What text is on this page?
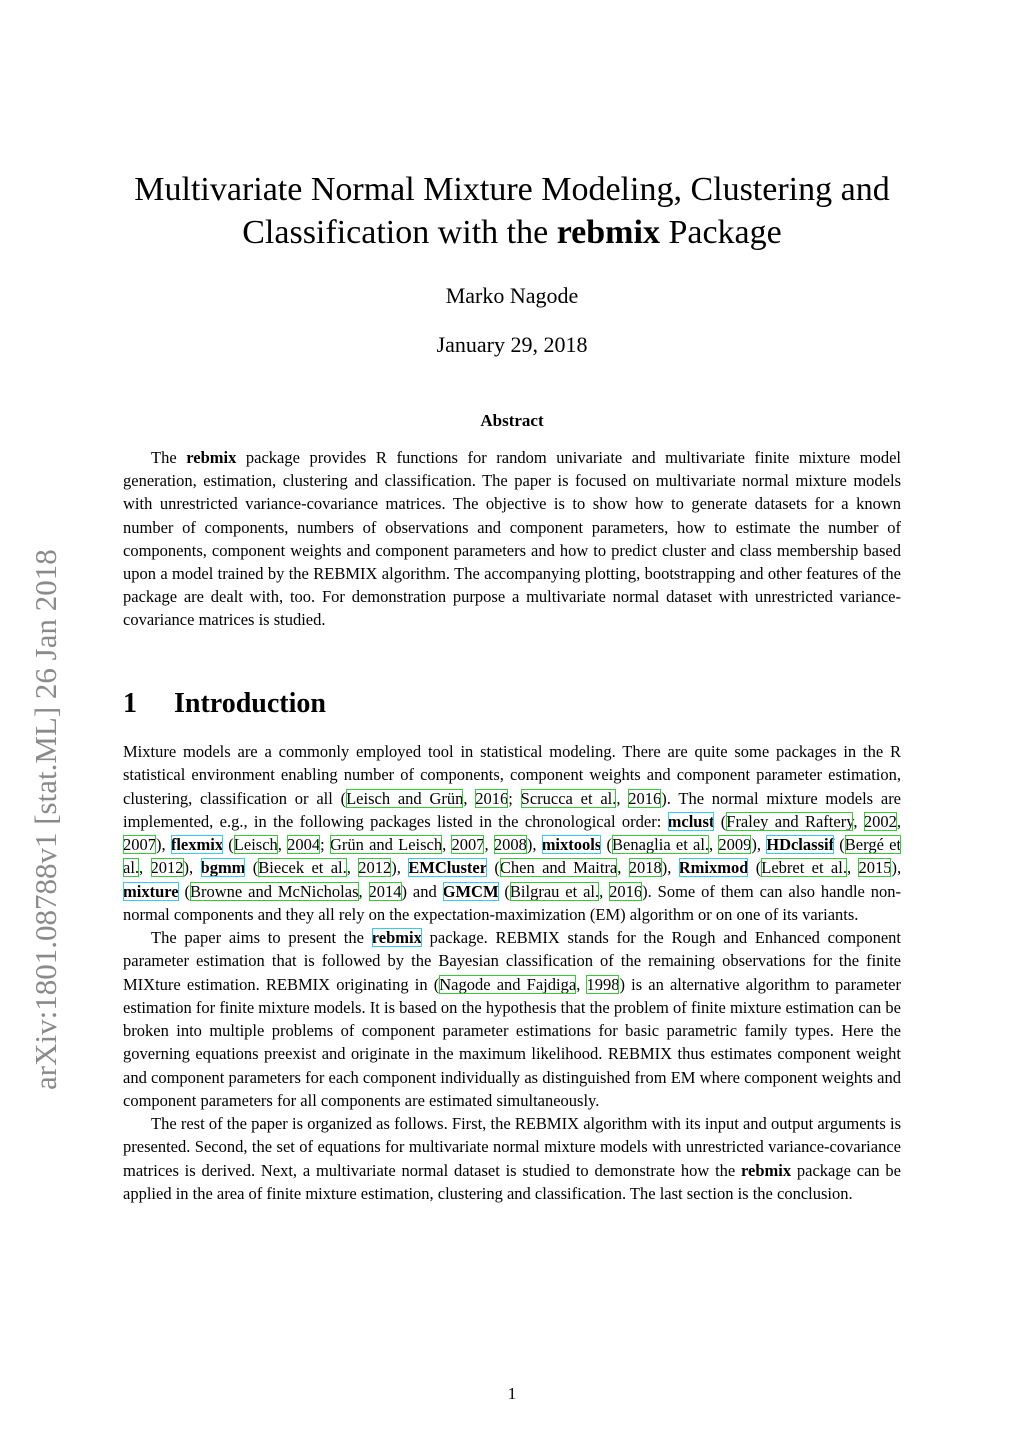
arXiv:1801.08788v1 [stat.ML] 26 Jan 2018
Multivariate Normal Mixture Modeling, Clustering and
Classification with the rebmix Package
Marko Nagode
January 29, 2018
Abstract

The rebmix package provides R functions for random univariate and multivariate finite mixture model generation, estimation, clustering and classification. The paper is focused on multivariate normal mixture models with unrestricted variance-covariance matrices. The objective is to show how to generate datasets for a known number of components, numbers of observations and component parameters, how to estimate the number of components, component weights and component parameters and how to predict cluster and class membership based upon a model trained by the REBMIX algorithm. The accompanying plotting, bootstrapping and other features of the package are dealt with, too. For demonstration purpose a multivariate normal dataset with unrestricted variance-covariance matrices is studied.

1 Introduction

Mixture models are a commonly employed tool in statistical modeling. There are quite some packages in the R statistical environment enabling number of components, component weights and component parameter estimation, clustering, classification or all (Leisch and Grün, 2016; Scrucca et al., 2016). The normal mixture models are implemented, e.g., in the following packages listed in the chronological order: mclust (Fraley and Raftery, 2002, 2007), flexmix (Leisch, 2004; Grün and Leisch, 2007, 2008), mixtools (Benaglia et al., 2009), HDclassif (Bergé et al., 2012), bgmm (Biecek et al., 2012), EMCluster (Chen and Maitra, 2018), Rmixmod (Lebret et al., 2015), mixture (Browne and McNicholas, 2014) and GMCM (Bilgrau et al., 2016). Some of them can also handle non-normal components and they all rely on the expectation-maximization (EM) algorithm or on one of its variants.

The paper aims to present the rebmix package. REBMIX stands for the Rough and Enhanced component parameter estimation that is followed by the Bayesian classification of the remaining observations for the finite MIXture estimation. REBMIX originating in (Nagode and Fajdiga, 1998) is an alternative algorithm to parameter estimation for finite mixture models. It is based on the hypothesis that the problem of finite mixture estimation can be broken into multiple problems of component parameter estimations for basic parametric family types. Here the governing equations preexist and originate in the maximum likelihood. REBMIX thus estimates component weight and component parameters for each component individually as distinguished from EM where component weights and component parameters for all components are estimated simultaneously.

The rest of the paper is organized as follows. First, the REBMIX algorithm with its input and output arguments is presented. Second, the set of equations for multivariate normal mixture models with unrestricted variance-covariance matrices is derived. Next, a multivariate normal dataset is studied to demonstrate how the rebmix package can be applied in the area of finite mixture estimation, clustering and classification. The last section is the conclusion.

1
